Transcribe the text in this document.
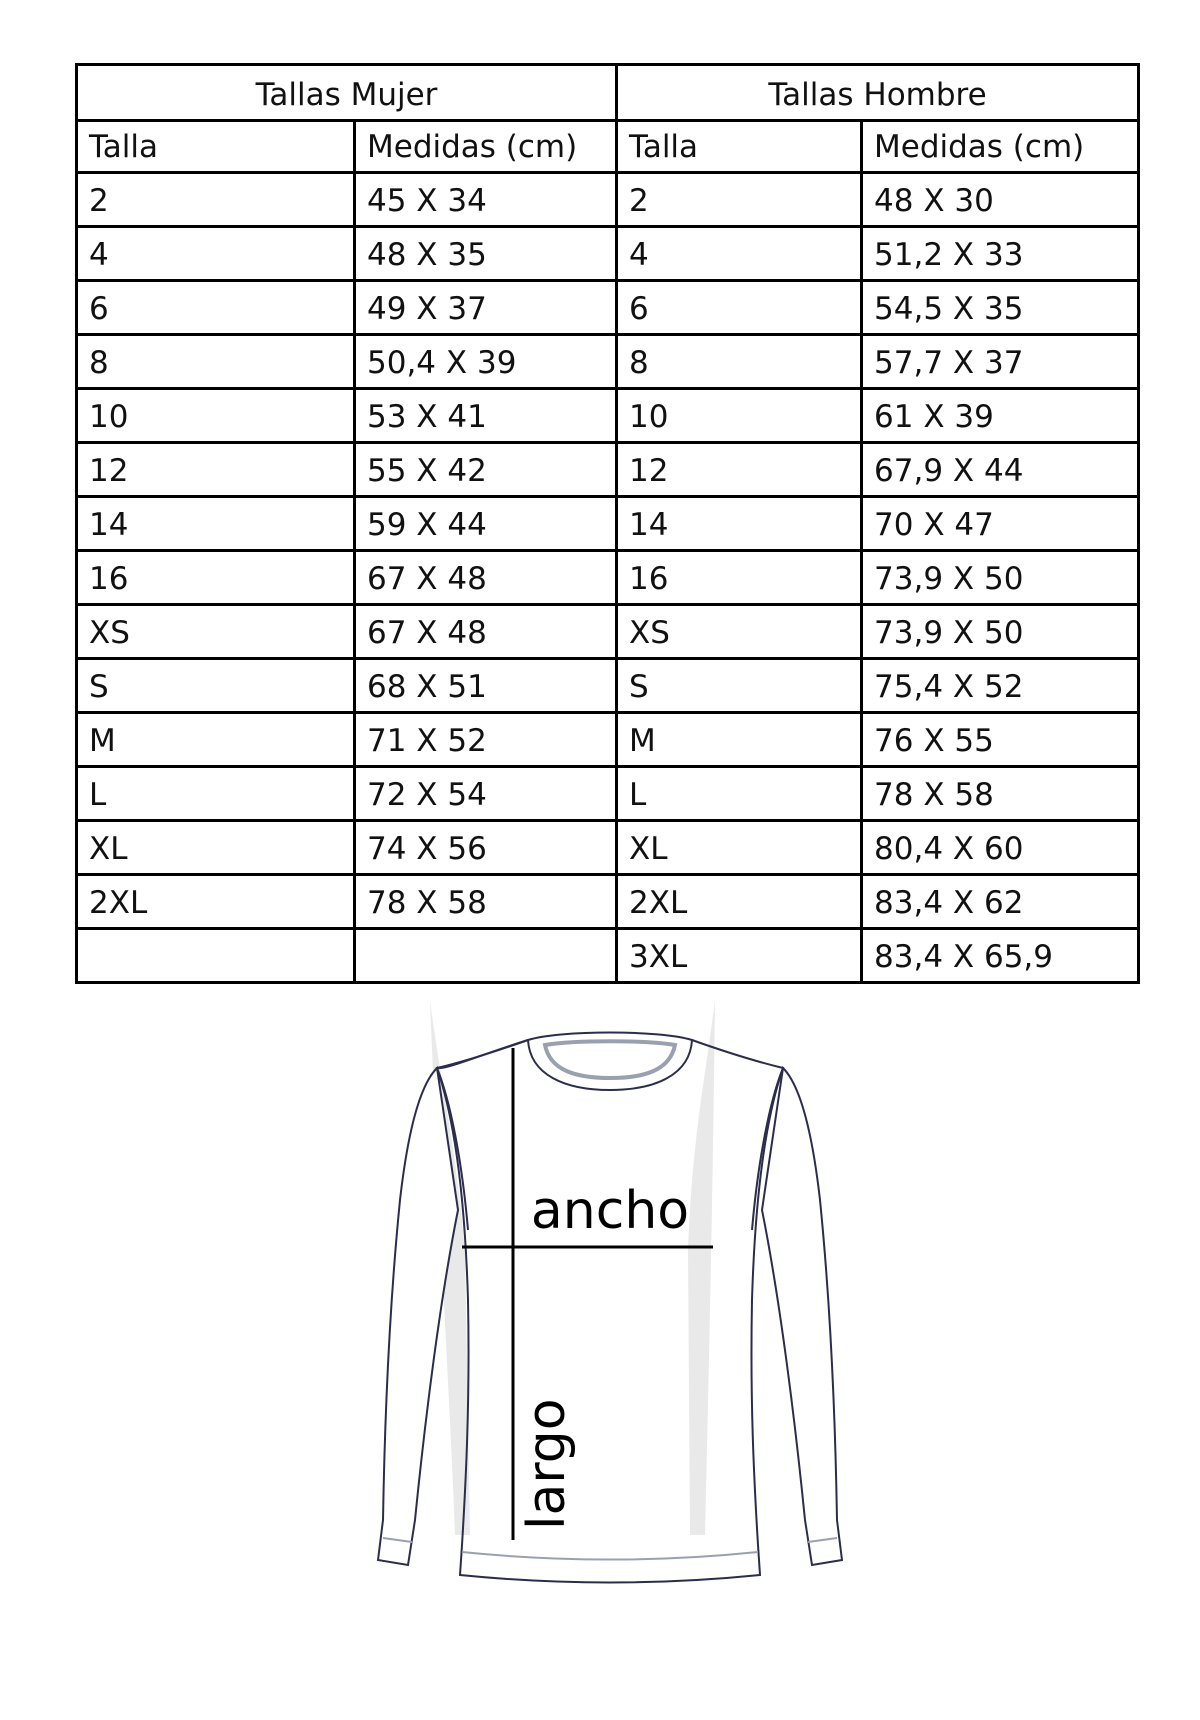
Tallas Mujer		Tallas Hombre	
Talla	Medidas (cm)	Talla	Medidas (cm)
2	45 X 34	2	48 X 30
4	48 X 35	4	51,2 X 33
6	49 X 37	6	54,5 X 35
8	50,4 X 39	8	57,7 X 37
10	53 X 41	10	61 X 39
12	55 X 42	12	67,9 X 44
14	59 X 44	14	70 X 47
16	67 X 48	16	73,9 X 50
XS	67 X 48	XS	73,9 X 50
S	68 X 51	S	75,4 X 52
M	71 X 52	M	76 X 55
L	72 X 54	L	78 X 58
XL	74 X 56	XL	80,4 X 60
2XL	78 X 58	2XL	83,4 X 62
		3XL	83,4 X 65,9
ancho
largo
